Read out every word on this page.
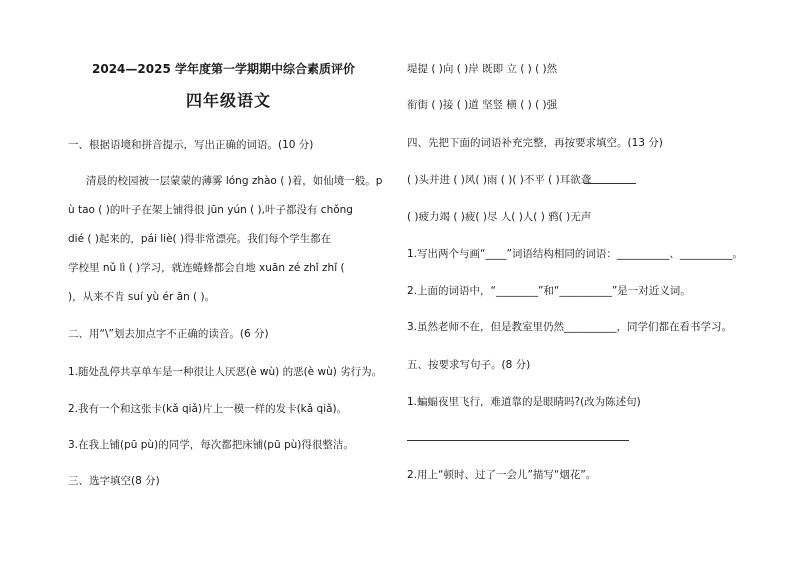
2024—2025 学年度第一学期期中综合素质评价
四年级语文
一、根据语境和拼音提示，写出正确的词语。(10 分)
清晨的校园被一层蒙蒙的薄雾 lóng zhào ( )着，如仙境一般。p
ù tao ( )的叶子在架上铺得很 jūn yún ( ),叶子都没有 chǒng
dié ( )起来的，pái liè( )得非常漂亮。我们每个学生都在
学校里 nǔ lì ( )学习，就连蜷蜂都会自地 xuān zé zhǐ zhǐ (
)，从来不肯 suí yù ér ān ( )。
二、用“\”划去加点字不正确的读音。(6 分)
1.随处乱停共享单车是一种很让人厌恶(è wù) 的恶(è wù) 劣行为。
2.我有一个和这张卡(kǎ qiǎ)片上一模一样的发卡(kǎ qiǎ)。
3.在我上铺(pū pù)的同学，每次都把床铺(pū pù)得很整洁。
三、选字填空(8 分)
堤提 ( )向 ( )岸 既即 立 ( ) ( )然
衔街 ( )接 ( )道 坚竖 横 ( ) ( )强
四、先把下面的词语补充完整，再按要求填空。(13 分)
( )头并进 ( )风( )雨 ( )( )不平 ( )耳欲聋
( )疲力竭 ( )疲( )尽 人( )人( ) 鸦( )无声
1.写出两个与画“____”词语结构相同的词语：__________、__________。
2.上面的词语中，“________”和“__________”是一对近义词。
3.虽然老师不在，但是教室里仍然__________，同学们都在看书学习。
五、按要求写句子。(8 分)
1.蝙蝠夜里飞行，难道靠的是眼睛吗?(改为陈述句)
2.用上“顿时、过了一会儿”描写“烟花”。
